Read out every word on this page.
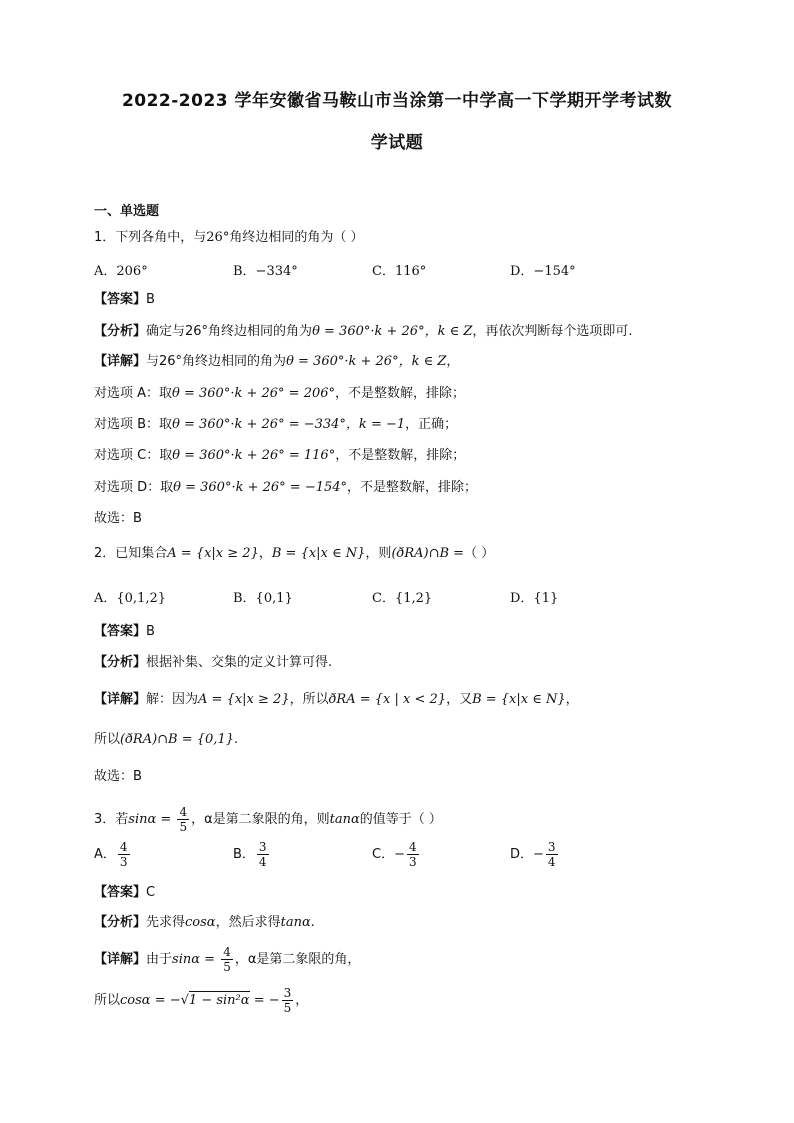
2022-2023 学年安徽省马鞍山市当涂第一中学高一下学期开学考试数
学试题
一、单选题
1．下列各角中，与26°角终边相同的角为（ ）
A．206°	B．−334°	C．116°	D．−154°
【答案】B
【分析】确定与26°角终边相同的角为θ = 360°·k + 26°，k ∈ Z，再依次判断每个选项即可.
【详解】与26°角终边相同的角为θ = 360°·k + 26°，k ∈ Z，
对选项 A：取θ = 360°·k + 26° = 206°，不是整数解，排除；
对选项 B：取θ = 360°·k + 26° = −334°，k = −1，正确；
对选项 C：取θ = 360°·k + 26° = 116°，不是整数解，排除；
对选项 D：取θ = 360°·k + 26° = −154°，不是整数解，排除；
故选：B
2．已知集合A = {x|x ≥ 2}，B = {x|x ∈ N}，则(ðRA)∩B =（ ）
A．{0,1,2}	B．{0,1}	C．{1,2}	D．{1}
【答案】B
【分析】根据补集、交集的定义计算可得.
【详解】解：因为A = {x|x ≥ 2}，所以ðRA = {x | x < 2}，又B = {x|x ∈ N}，
所以(ðRA)∩B = {0,1}.
故选：B
3．若$\sin\alpha = \frac{4}{5}$ ，α是第二象限的角，则tanα的值等于（ ）
A． $\frac{4}{3}$	B． $\frac{3}{4}$	C．− $\frac{4}{3}$	D．− $\frac{3}{4}$
【答案】C
【分析】先求得cosα，然后求得tanα.
【详解】由于$\sin\alpha = \frac{4}{5}$ ，α是第二象限的角，
所以cosα = −√1 − sin²α = − $\frac{3}{5}$ ，
